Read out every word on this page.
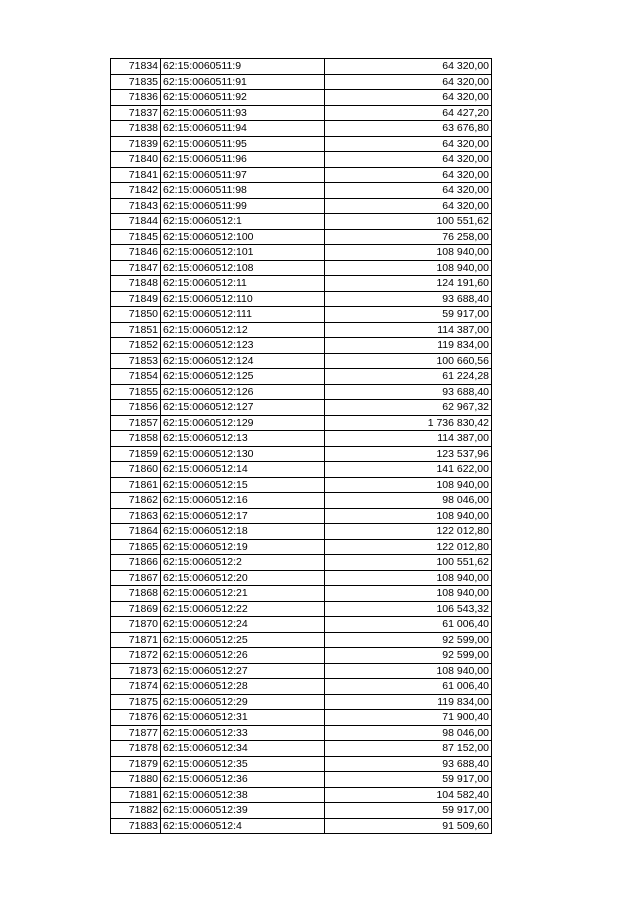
71834	62:15:0060511:9	64 320,00
71835	62:15:0060511:91	64 320,00
71836	62:15:0060511:92	64 320,00
71837	62:15:0060511:93	64 427,20
71838	62:15:0060511:94	63 676,80
71839	62:15:0060511:95	64 320,00
71840	62:15:0060511:96	64 320,00
71841	62:15:0060511:97	64 320,00
71842	62:15:0060511:98	64 320,00
71843	62:15:0060511:99	64 320,00
71844	62:15:0060512:1	100 551,62
71845	62:15:0060512:100	76 258,00
71846	62:15:0060512:101	108 940,00
71847	62:15:0060512:108	108 940,00
71848	62:15:0060512:11	124 191,60
71849	62:15:0060512:110	93 688,40
71850	62:15:0060512:111	59 917,00
71851	62:15:0060512:12	114 387,00
71852	62:15:0060512:123	119 834,00
71853	62:15:0060512:124	100 660,56
71854	62:15:0060512:125	61 224,28
71855	62:15:0060512:126	93 688,40
71856	62:15:0060512:127	62 967,32
71857	62:15:0060512:129	1 736 830,42
71858	62:15:0060512:13	114 387,00
71859	62:15:0060512:130	123 537,96
71860	62:15:0060512:14	141 622,00
71861	62:15:0060512:15	108 940,00
71862	62:15:0060512:16	98 046,00
71863	62:15:0060512:17	108 940,00
71864	62:15:0060512:18	122 012,80
71865	62:15:0060512:19	122 012,80
71866	62:15:0060512:2	100 551,62
71867	62:15:0060512:20	108 940,00
71868	62:15:0060512:21	108 940,00
71869	62:15:0060512:22	106 543,32
71870	62:15:0060512:24	61 006,40
71871	62:15:0060512:25	92 599,00
71872	62:15:0060512:26	92 599,00
71873	62:15:0060512:27	108 940,00
71874	62:15:0060512:28	61 006,40
71875	62:15:0060512:29	119 834,00
71876	62:15:0060512:31	71 900,40
71877	62:15:0060512:33	98 046,00
71878	62:15:0060512:34	87 152,00
71879	62:15:0060512:35	93 688,40
71880	62:15:0060512:36	59 917,00
71881	62:15:0060512:38	104 582,40
71882	62:15:0060512:39	59 917,00
71883	62:15:0060512:4	91 509,60
